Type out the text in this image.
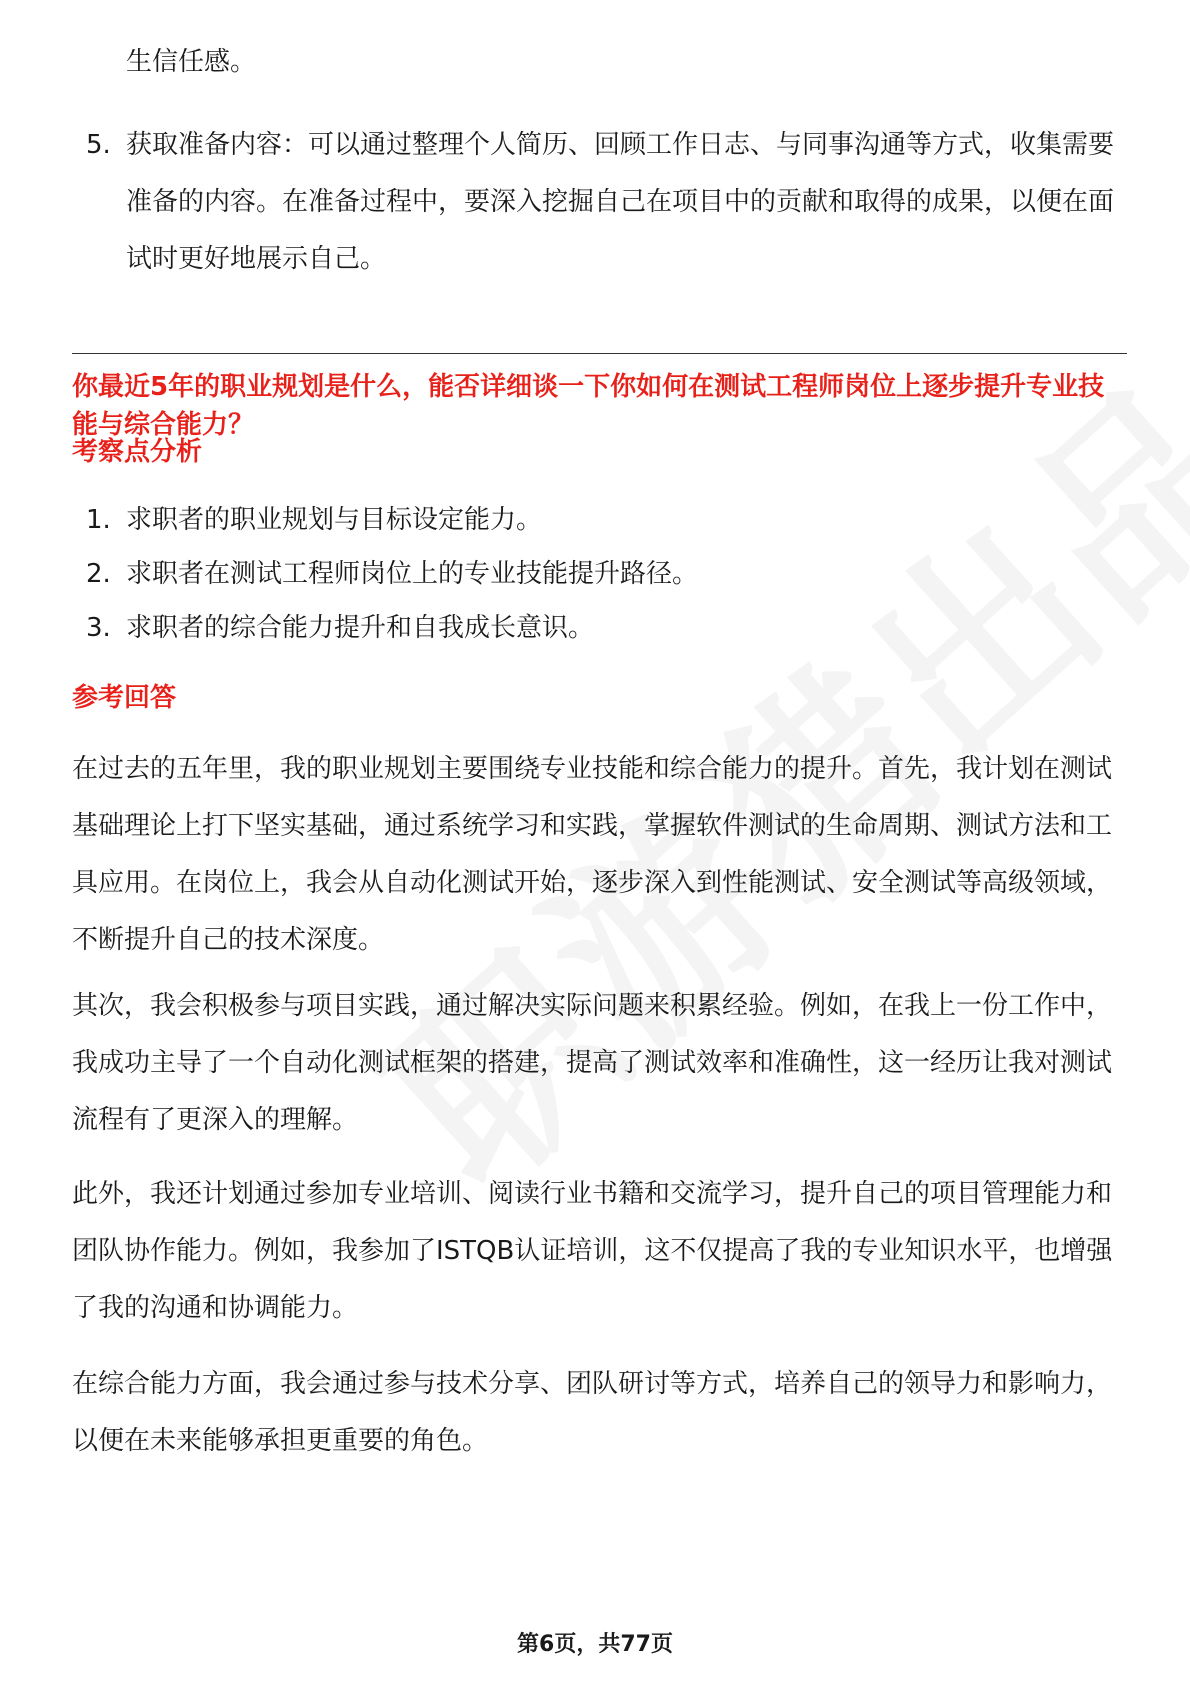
生信任感。
5. 获取准备内容：可以通过整理个人简历、回顾工作日志、与同事沟通等方式，收集需要准备的内容。在准备过程中，要深入挖掘自己在项目中的贡献和取得的成果，以便在面试时更好地展示自己。
你最近5年的职业规划是什么，能否详细谈一下你如何在测试工程师岗位上逐步提升专业技能与综合能力？
考察点分析
1. 求职者的职业规划与目标设定能力。
2. 求职者在测试工程师岗位上的专业技能提升路径。
3. 求职者的综合能力提升和自我成长意识。
参考回答
在过去的五年里，我的职业规划主要围绕专业技能和综合能力的提升。首先，我计划在测试基础理论上打下坚实基础，通过系统学习和实践，掌握软件测试的生命周期、测试方法和工具应用。在岗位上，我会从自动化测试开始，逐步深入到性能测试、安全测试等高级领域，不断提升自己的技术深度。
其次，我会积极参与项目实践，通过解决实际问题来积累经验。例如，在我上一份工作中，我成功主导了一个自动化测试框架的搭建，提高了测试效率和准确性，这一经历让我对测试流程有了更深入的理解。
此外，我还计划通过参加专业培训、阅读行业书籍和交流学习，提升自己的项目管理能力和团队协作能力。例如，我参加了ISTQB认证培训，这不仅提高了我的专业知识水平，也增强了我的沟通和协调能力。
在综合能力方面，我会通过参与技术分享、团队研讨等方式，培养自己的领导力和影响力，以便在未来能够承担更重要的角色。
第6页，共77页
